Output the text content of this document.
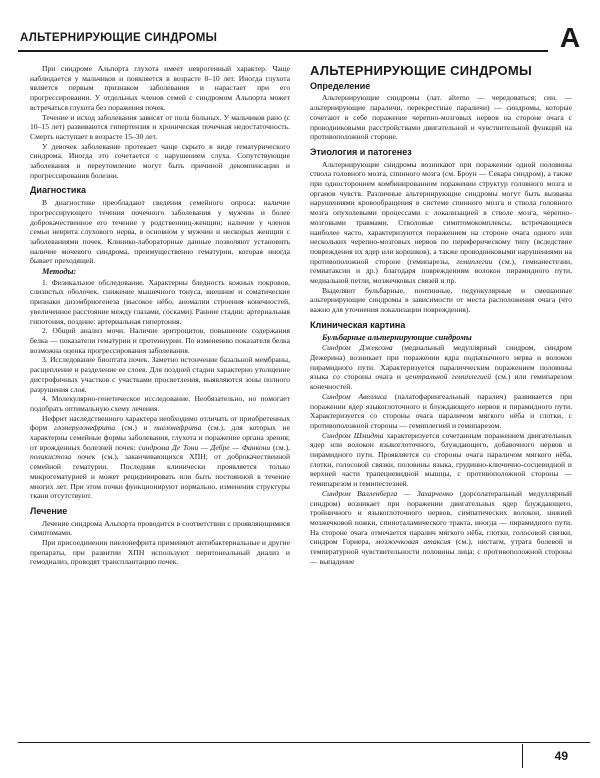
АЛЬТЕРНИРУЮЩИЕ СИНДРОМЫ	А

При синдроме Альпорта глухота имеет неврогенный характер. Чаще наблюдается у мальчиков и появляется в возрасте 8–10 лет. Иногда глухота является первым признаком заболевания и нарастает при его прогрессировании. У отдельных членов семей с синдромом Альпорта может встречаться глухота без поражения почек.

Течение и исход заболевания зависят от пола больных. У мальчиков рано (с 10–15 лет) развиваются гипертензия и хроническая почечная недостаточность. Смерть наступает в возрасте 15–30 лет.

У девочек заболевание протекает чаще скрыто в виде гематурического синдрома. Иногда это сочетается с нарушением слуха. Сопутствующие заболевания и переутомление могут быть причиной декомпенсации и прогрессирования болезни.

Диагностика

В диагностике преобладают сведения семейного опроса: наличие прогрессирующего течения почечного заболевания у мужчин и более доброкачественное его течение у родственниц-женщин; наличие у членов семьи неврита слухового нерва, в основном у мужчин и нескорых женщин с заболеваниями почек. Клинико-лабораторные данные позволяют установить наличие мочевого синдрома, преимущественно гематурии, которая иногда бывает преходящей.

Методы:

1. Физикальное обследование. Характерны бледность кожных покровов, слизистых оболочек, снижение мышечного тонуса, внешние и соматические признаки дизэмбриогенеза (высокое нёбо, аномалии строения конечностей, увеличенное расстояние между глазами, сосками). Ранние стадии: артериальная гипотония, поздние: артериальная гипертония.

2. Общий анализ мочи. Наличие эритроцитов, повышение содержания белка — показатели гематурии и протеинурии. По изменению показателя белка возможна оценка прогрессирования заболевания.

3. Исследование биоптата почек. Заметно истончение базальной мембраны, расщепление и разделение ее слоев. Для поздней стадии характерно утолщение дистрофичных участков с участками просветления, выявляются зоны полного разрушения слоя.

4. Молекулярно-генетическое исследование. Необязательно, но помогает подобрать оптимальную схему лечения.

Нефрит наследственного характера необходимо отличать от приобретенных форм гломерулонефрита (см.) и пиелонефрита (см.), для которых не характерны семейные формы заболевания, глухота и поражение органа зрения; от врожденных болезней почек: синдрома Де Тони — Дебре — Фанкони (см.), поликистоза почек (см.), заканчивающихся ХПН; от доброкачественной семейной гематурии. Последняя клинически проявляется только микрогематурией и может рецидивировать или быть постоянной в течение многих лет. При этом почки функционируют нормально, изменения структуры ткани отсутствуют.

Лечение

Лечение синдрома Альпорта проводится в соответствии с проявляющимися симптомами.

При присоединении пиелонефрита применяют антибактериальные и другие препараты, при развитии ХПН используют перитонеальный диализ и гемодиализ, проводят трансплантацию почек.

АЛЬТЕРНИРУЮЩИЕ СИНДРОМЫ
Определение

Альтернирующие синдромы (лат. alterno — чередоваться; син. — альтернирующие параличи, перекрестные параличи) — синдромы, которые сочетают в себе поражение черепно-мозговых нервов на стороне очага с проводниковыми расстройствами двигательной и чувствительной функций на противоположной стороне.

Этиология и патогенез

Альтернирующие синдромы возникают при поражении одной половины ствола головного мозга, спинного мозга (см. Броун — Секара синдром), а также при одностороннем комбинированном поражении структур головного мозга и органов чувств. Различные альтернирующие синдромы могут быть вызваны нарушениями кровообращения в системе спинного мозга и ствола головного мозга опухолевыми процессами с локализацией в стволе мозга, черепно-мозговыми травмами. Стволовые симптомокомплексы, встречающиеся наиболее часто, характеризуются поражением на стороне очага одного или нескольких черепно-мозговых нервов по периферическому типу (вследствие повреждения их ядер или корешков), а также проводниковыми нарушениями на противоположной стороне (гемипарезы, гемиплегии (см.), гемианестезии, гемиатаксии и др.) благодаря повреждениям волокон пирамидного пути, медиальной петли, мозжечковых связей и пр.

Выделяют бульбарные, понтинные, педункулярные и смешанные альтернирующие синдромы в зависимости от места расположения очага (что важно для уточнения локализации повреждения).

Клиническая картина
Бульбарные альтернирующие синдромы

Синдром Джексона (медиальный медуллярный синдром, синдром Дежерина) возникает при поражении ядра подъязычного нерва и волокон пирамидного пути. Характеризуется параличческим поражением половины языка со стороны очага и центральной гемиплегией (см.) или гемипарезом конечностей.

Синдром Авеллиса (палатофарингеальный паралич) развивается при поражении ядер языкоглоточного и блуждающего нервов и пирамидного пути. Характеризуется со стороны очага параличом мягкого нёба и глотки, с противоположной стороны — гемиплегией и гемипарезом.

Синдром Шмидта характеризуется сочетанным поражением двигательных ядер или волокон языкоглоточного, блуждающего, добавочного нервов и пирамидного пути. Проявляется со стороны очага параличом мягкого нёба, глотки, голосовой связки, половины языка, грудинно-ключично-сосцевидной и верхней части трапециевидной мышцы, с противоположной стороны — гемипарезом и гемипестезией.

Синдром Валленберга — Захарченко (дорсолатеральный медуллярный синдром) возникает при поражении двигательных ядер блуждающего, тройничного и языкоглоточного нервов, симпатических волокон, нижней мозжечковой ножки, спиноталамического тракта, иногда — пирамидного пути. На стороне очага отмечается паралич мягкого нёба, глотки, голосовой связки, синдром Горнера, мозжечковая атаксия (см.), нистагм, утрата болевой и температурной чувствительности половины лица; с противоположной стороны — выпадение

49
